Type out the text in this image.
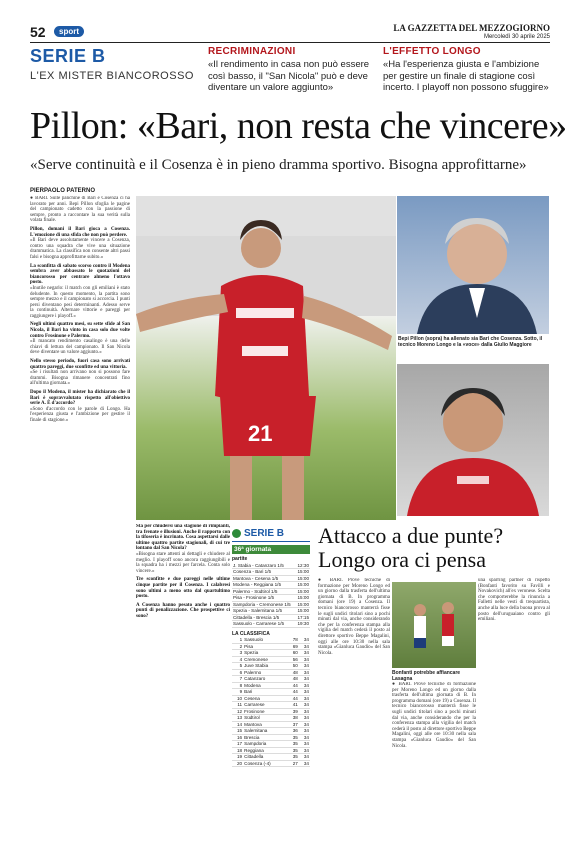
52	sport	LA GAZZETTA DEL MEZZOGIORNO
Mercoledì 30 aprile 2025
SERIE B
L'EX MISTER BIANCOROSSO
RECRIMINAZIONI
«Il rendimento in casa non può essere così basso, il "San Nicola" può e deve diventare un valore aggiunto»
L'EFFETTO LONGO
«Ha l'esperienza giusta e l'ambizione per gestire un finale di stagione così incerto. I playoff non possono sfuggire»
Pillon: «Bari, non resta che vincere»
«Serve continuità e il Cosenza è in pieno dramma sportivo. Bisogna approfittarne»
PIERPAOLO PATERNO

● BARI. Sulle panchine di Bari e Cosenza ci ha lavorato per anni. Bepi Pillon sfoglia le pagine del campionato cadetto con la passione di sempre, pronto a raccontare la sua verità sulla volata finale.

Pillon, domani il Bari gioca a Cosenza. L'emozione di una sfida che non può perdere.

«Il Bari deve assolutamente vincere a Cosenza, contro una squadra che vive una situazione drammatica. La classifica non consente altri passi falsi e bisogna approfittarne subito.»

La sconfitta di sabato scorso contro il Modena sembra aver abbassato le quotazioni del biancorosso per centrare almeno l'ottavo posto.

«Inutile negarlo: il match con gli emiliani è stato deludente. In questo momento, la partita sono sempre mezzo e il campionato si accorcia. I punti persi diventano pesi determinanti. Adesso serve la continuità. Alternare vittorie e pareggi per raggiungere i playoff.»

Negli ultimi quattro mesi, su sette sfide al San Nicola, il Bari ha vinto in casa solo due volte contro Frosinone e Palermo.

«Il mancato rendimento casalingo è una delle chiavi di lettura del campionato. Il San Nicola deve diventare un valore aggiunto.»

Nello stesso periodo, fuori casa sono arrivati quattro pareggi, due sconfitte ed una vittoria.

«Se i risultati non arrivano non si possono fare drammi. Bisogna rimanere concentrati fino all'ultima giornata.»

Dopo il Modena, il mister ha dichiarato che il Bari è sopravvalutato rispetto all'obiettivo serie A. È d'accordo?

«Sono d'accordo con le parole di Longo. Ha l'esperienza giusta e l'ambizione per gestire il finale di stagione.»

21
Bepi Pillon (sopra) ha allenato sia Bari che Cosenza. Sotto, il tecnico Moreno Longo e la «voce» dalla Giulio Maggiore

Sta per chiudersi una stagione di rimpianti, tra frenate e illusioni. Anche il rapporto con la tifoseria è incrinato. Cosa aspettarsi dalle ultime quattro partite stagionali, di cui tre lontano dal San Nicola?

«Bisogna stare attenti ai dettagli e chiudere al meglio. I playoff sono ancora raggiungibili e la squadra ha i mezzi per farcela. Conta solo vincere.»

Tre sconfitte e due pareggi nelle ultime cinque partite per il Cosenza. I calabresi sono ultimi a meno otto dal quartultimo posto.

A Cosenza hanno pesato anche i quattro punti di penalizzazione. Che prospettive ci sono?

SERIE B
36ª giornata
partite
J. Stabia - Catanzaro 1/5	12:30
Cosenza - Bari 1/5	15:00
Mantova - Cesena 1/5	15:00
Modena - Reggiana 1/5	15:00
Palermo - Südtirol 1/5	15:00
Pisa - Frosinone 1/5	15:00
Sampdoria - Cremonese 1/5	15:00
Spezia - Salernitana 1/5	15:00
Cittadella - Brescia 1/5	17:15
Sassuolo - Carrarese 1/5	19:30
LA CLASSIFICA
1	Sassuolo	78	34
2	Pisa	69	34
3	Spezia	60	34
4	Cremonese	56	34
5	Juve Stabia	50	34
6	Palermo	48	34
7	Catanzaro	48	34
8	Modena	44	34
9	Bari	44	34
10	Cesena	44	34
11	Carrarese	41	34
12	Frosinone	39	34
13	Südtirol	38	34
14	Mantova	37	34
15	Salernitana	36	34
16	Brescia	35	34
17	Sampdoria	35	34
18	Reggiana	35	34
19	Cittadella	35	34
20	Cosenza (-4)	27	34
Attacco a due punte? Longo ora ci pensa

● BARI. Prove tecniche di formazione per Moreno Longo ed un giorno dalla trasferta dell'ultima giornata di B. In programma domani (ore 19) a Cosenza. Il tecnico biancorosso manterrà fisse le sugli undici titolari sino a pochi minuti dal via, anche considerando che per la conferenza stampa alla vigilia del match cederà il posto al direttore sportivo Beppe Magalini, oggi alle ore 10:30 nella sala stampa «Gianluca Gaudio» del San Nicola.

Bonfanti potrebbe affiancare Lasagna

una sparring partner di rispetto (Bonfanti favorito su Favilli e Novakovich) all'ex veronese. Scelta che comporterebbe la rinuncia a Falletti nelle vesti di trequartista, anche alla luce della buona prova al posto dell'uruguaiano contro gli emiliani.

● BARI. Prove tecniche di formazione per Moreno Longo ed un giorno dalla trasferta dell'ultima giornata di B. In programma domani (ore 19) a Cosenza. Il tecnico biancorosso manterrà fisse le sugli undici titolari sino a pochi minuti dal via, anche considerando che per la conferenza stampa alla vigilia del match cederà il posto al direttore sportivo Beppe Magalini, oggi alle ore 10:30 nella sala stampa «Gianluca Gaudio» del San Nicola.
